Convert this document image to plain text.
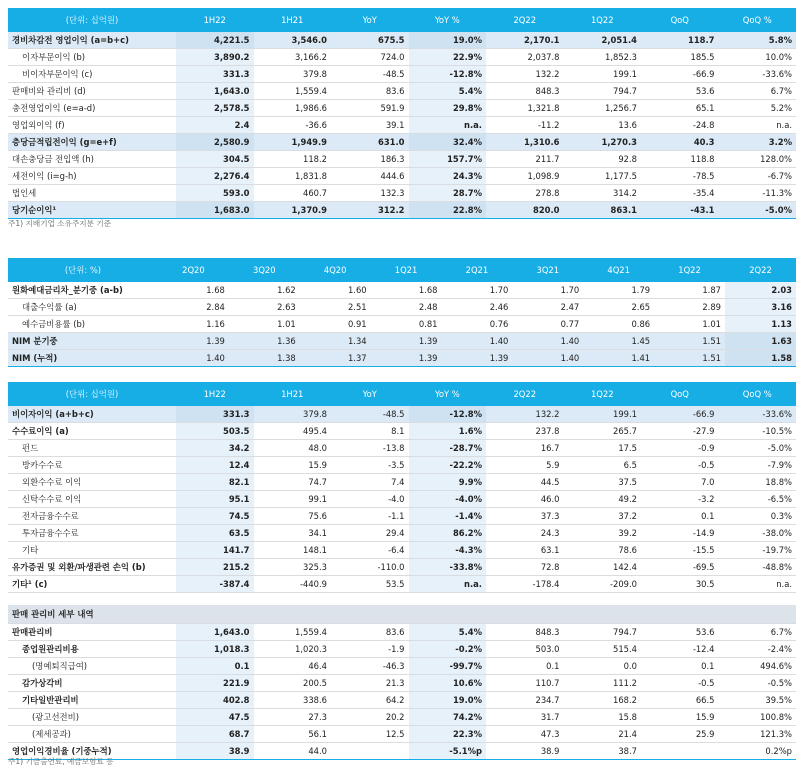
(단위: 십억원)	1H22	1H21	YoY	YoY %	2Q22	1Q22	QoQ	QoQ %
경비차감전 영업이익 (a=b+c)	4,221.5	3,546.0	675.5	19.0%	2,170.1	2,051.4	118.7	5.8%
이자부문이익 (b)	3,890.2	3,166.2	724.0	22.9%	2,037.8	1,852.3	185.5	10.0%
비이자부문이익 (c)	331.3	379.8	-48.5	-12.8%	132.2	199.1	-66.9	-33.6%
판매비와 관리비 (d)	1,643.0	1,559.4	83.6	5.4%	848.3	794.7	53.6	6.7%
충전영업이익 (e=a-d)	2,578.5	1,986.6	591.9	29.8%	1,321.8	1,256.7	65.1	5.2%
영업외이익 (f)	2.4	-36.6	39.1	n.a.	-11.2	13.6	-24.8	n.a.
충당금적립전이익 (g=e+f)	2,580.9	1,949.9	631.0	32.4%	1,310.6	1,270.3	40.3	3.2%
대손충당금 전입액 (h)	304.5	118.2	186.3	157.7%	211.7	92.8	118.8	128.0%
세전이익 (i=g-h)	2,276.4	1,831.8	444.6	24.3%	1,098.9	1,177.5	-78.5	-6.7%
법인세	593.0	460.7	132.3	28.7%	278.8	314.2	-35.4	-11.3%
당기순이익¹	1,683.0	1,370.9	312.2	22.8%	820.0	863.1	-43.1	-5.0%
주1) 지배기업 소유주지분 기준
(단위: %)	2Q20	3Q20	4Q20	1Q21	2Q21	3Q21	4Q21	1Q22	2Q22
원화예대금리차_분기중 (a-b)	1.68	1.62	1.60	1.68	1.70	1.70	1.79	1.87	2.03
대출수익률 (a)	2.84	2.63	2.51	2.48	2.46	2.47	2.65	2.89	3.16
예수금비용률 (b)	1.16	1.01	0.91	0.81	0.76	0.77	0.86	1.01	1.13
NIM 분기중	1.39	1.36	1.34	1.39	1.40	1.40	1.45	1.51	1.63
NIM (누적)	1.40	1.38	1.37	1.39	1.39	1.40	1.41	1.51	1.58
(단위: 십억원)	1H22	1H21	YoY	YoY %	2Q22	1Q22	QoQ	QoQ %
비이자이익 (a+b+c)	331.3	379.8	-48.5	-12.8%	132.2	199.1	-66.9	-33.6%
수수료이익 (a)	503.5	495.4	8.1	1.6%	237.8	265.7	-27.9	-10.5%
펀드	34.2	48.0	-13.8	-28.7%	16.7	17.5	-0.9	-5.0%
방카수수료	12.4	15.9	-3.5	-22.2%	5.9	6.5	-0.5	-7.9%
외환수수료 이익	82.1	74.7	7.4	9.9%	44.5	37.5	7.0	18.8%
신탁수수료 이익	95.1	99.1	-4.0	-4.0%	46.0	49.2	-3.2	-6.5%
전자금융수수료	74.5	75.6	-1.1	-1.4%	37.3	37.2	0.1	0.3%
투자금융수수료	63.5	34.1	29.4	86.2%	24.3	39.2	-14.9	-38.0%
기타	141.7	148.1	-6.4	-4.3%	63.1	78.6	-15.5	-19.7%
유가증권 및 외환/파생관련 손익 (b)	215.2	325.3	-110.0	-33.8%	72.8	142.4	-69.5	-48.8%
기타¹ (c)	-387.4	-440.9	53.5	n.a.	-178.4	-209.0	30.5	n.a.

판매 관리비 세부 내역								
판매관리비	1,643.0	1,559.4	83.6	5.4%	848.3	794.7	53.6	6.7%
종업원관리비용	1,018.3	1,020.3	-1.9	-0.2%	503.0	515.4	-12.4	-2.4%
(명예퇴직급여)	0.1	46.4	-46.3	-99.7%	0.1	0.0	0.1	494.6%
감가상각비	221.9	200.5	21.3	10.6%	110.7	111.2	-0.5	-0.5%
기타일반관리비	402.8	338.6	64.2	19.0%	234.7	168.2	66.5	39.5%
(광고선전비)	47.5	27.3	20.2	74.2%	31.7	15.8	15.9	100.8%
(제세공과)	68.7	56.1	12.5	22.3%	47.3	21.4	25.9	121.3%
영업이익경비율 (기중누적)	38.9	44.0		-5.1%p	38.9	38.7		0.2%p
주1) 기금출연료, 예금보험료 등
